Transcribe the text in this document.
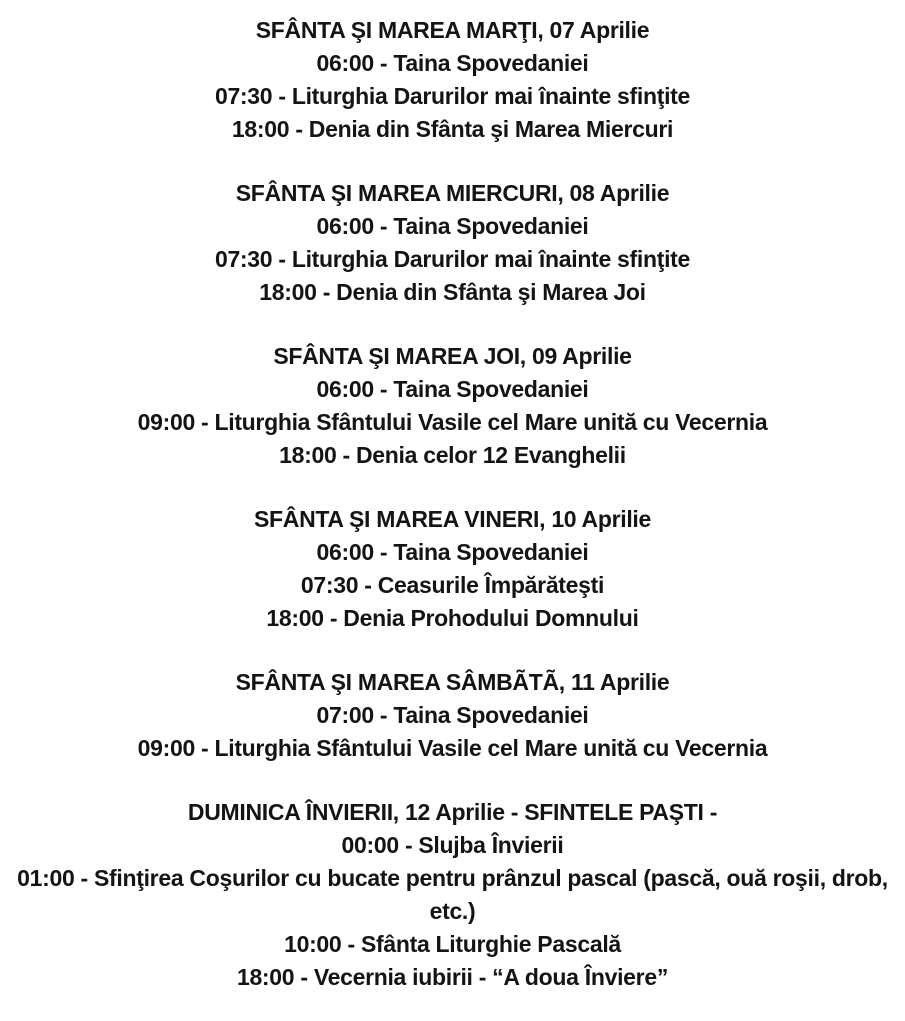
SFÂNTA ŞI MAREA MARŢI, 07 Aprilie

06:00 - Taina Spovedaniei

07:30 - Liturghia Darurilor mai înainte sfinţite

18:00 - Denia din Sfânta şi Marea Miercuri

SFÂNTA ŞI MAREA MIERCURI, 08 Aprilie

06:00 - Taina Spovedaniei

07:30 - Liturghia Darurilor mai înainte sfinţite

18:00 - Denia din Sfânta şi Marea Joi

SFÂNTA ŞI MAREA JOI, 09 Aprilie

06:00 - Taina Spovedaniei

09:00 - Liturghia Sfântului Vasile cel Mare unită cu Vecernia

18:00 - Denia celor 12 Evanghelii

SFÂNTA ŞI MAREA VINERI, 10 Aprilie

06:00 - Taina Spovedaniei

07:30 - Ceasurile Împărăteşti

18:00 - Denia Prohodului Domnului

SFÂNTA ŞI MAREA SÂMBÃTÃ, 11 Aprilie

07:00 - Taina Spovedaniei

09:00 - Liturghia Sfântului Vasile cel Mare unită cu Vecernia

DUMINICA ÎNVIERII, 12 Aprilie - SFINTELE PAŞTI -

00:00 - Slujba Învierii

01:00 - Sfinţirea Coşurilor cu bucate pentru prânzul pascal (pască, ouă roşii, drob, etc.)

10:00 - Sfânta Liturghie Pascală

18:00 - Vecernia iubirii - “A doua Înviere”
